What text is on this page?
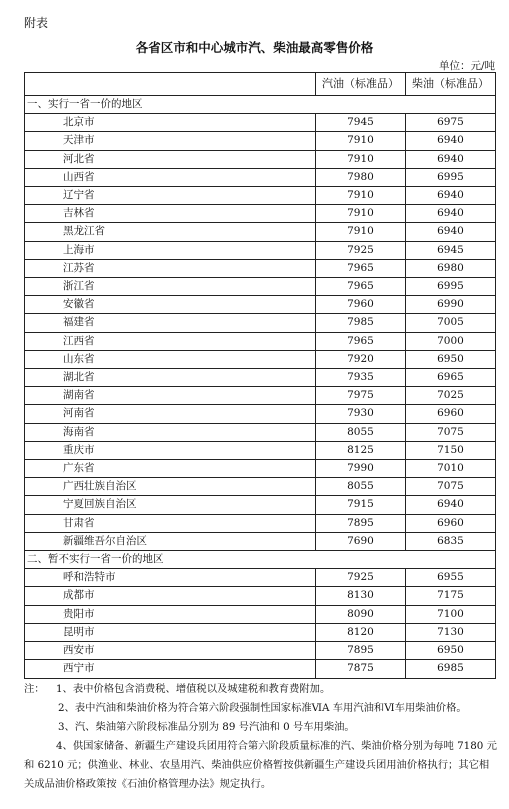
附表
各省区市和中心城市汽、柴油最高零售价格
单位：元/吨
	汽油（标准品）	柴油（标准品）
一、实行一省一价的地区		
北京市	7945	6975
天津市	7910	6940
河北省	7910	6940
山西省	7980	6995
辽宁省	7910	6940
吉林省	7910	6940
黑龙江省	7910	6940
上海市	7925	6945
江苏省	7965	6980
浙江省	7965	6995
安徽省	7960	6990
福建省	7985	7005
江西省	7965	7000
山东省	7920	6950
湖北省	7935	6965
湖南省	7975	7025
河南省	7930	6960
海南省	8055	7075
重庆市	8125	7150
广东省	7990	7010
广西壮族自治区	8055	7075
宁夏回族自治区	7915	6940
甘肃省	7895	6960
新疆维吾尔自治区	7690	6835
二、暂不实行一省一价的地区		
呼和浩特市	7925	6955
成都市	8130	7175
贵阳市	8090	7100
昆明市	8120	7130
西安市	7895	6950
西宁市	7875	6985
注：	1、表中价格包含消费税、增值税以及城建税和教育费附加。
2、表中汽油和柴油价格为符合第六阶段强制性国家标准ⅥA 车用汽油和Ⅵ车用柴油价格。
3、汽、柴油第六阶段标准品分别为 89 号汽油和 0 号车用柴油。
4、供国家储备、新疆生产建设兵团用符合第六阶段质量标准的汽、柴油价格分别为每吨 7180 元和 6210 元；供渔业、林业、农垦用汽、柴油供应价格暂按供新疆生产建设兵团用油价格执行；其它相关成品油价格政策按《石油价格管理办法》规定执行。
